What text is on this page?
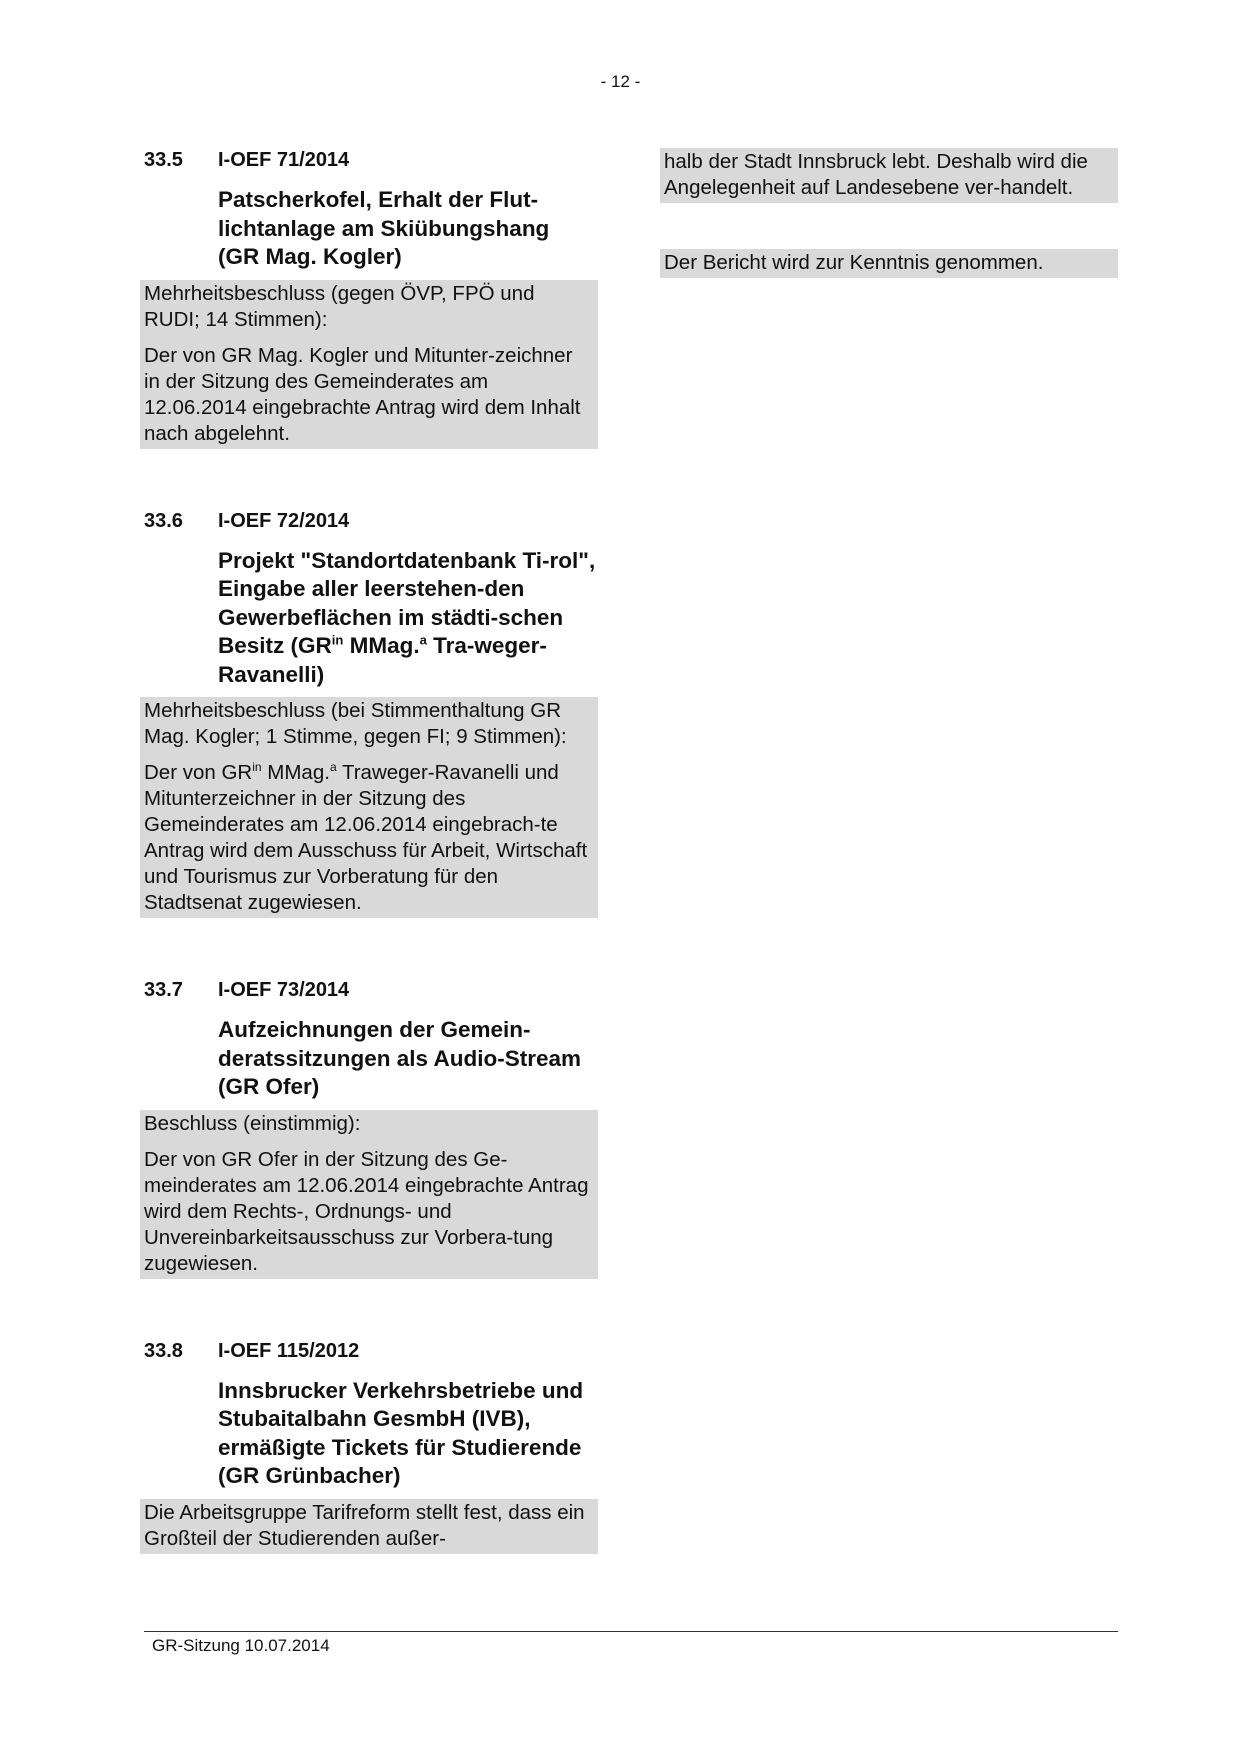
- 12 -
33.5	I-OEF 71/2014
Patscherkofel, Erhalt der Flut-
lichtanlage am Skiübungshang
(GR Mag. Kogler)

Mehrheitsbeschluss (gegen ÖVP, FPÖ und RUDI; 14 Stimmen):

Der von GR Mag. Kogler und Mitunter-zeichner in der Sitzung des Gemeinderates am 12.06.2014 eingebrachte Antrag wird dem Inhalt nach abgelehnt.

33.6	I-OEF 72/2014
Projekt "Standortdatenbank Ti-rol", Eingabe aller leerstehen-den Gewerbeflächen im städti-schen Besitz ($GR^{in}$ MMag.$^a$ Tra-weger-Ravanelli)

Mehrheitsbeschluss (bei Stimmenthaltung GR Mag. Kogler; 1 Stimme, gegen FI; 9 Stimmen):

Der von $GR^{in}$ MMag.$^a$ Traweger-Ravanelli und Mitunterzeichner in der Sitzung des Gemeinderates am 12.06.2014 eingebrach-te Antrag wird dem Ausschuss für Arbeit, Wirtschaft und Tourismus zur Vorberatung für den Stadtsenat zugewiesen.

33.7	I-OEF 73/2014
Aufzeichnungen der Gemein-deratssitzungen als Audio-Stream (GR Ofer)

Beschluss (einstimmig):

Der von GR Ofer in der Sitzung des Ge-meinderates am 12.06.2014 eingebrachte Antrag wird dem Rechts-, Ordnungs- und Unvereinbarkeitsausschuss zur Vorbera-tung zugewiesen.

33.8	I-OEF 115/2012
Innsbrucker Verkehrsbetriebe und Stubaitalbahn GesmbH (IVB), ermäßigte Tickets für Studierende
(GR Grünbacher)

Die Arbeitsgruppe Tarifreform stellt fest, dass ein Großteil der Studierenden außer-

halb der Stadt Innsbruck lebt. Deshalb wird die Angelegenheit auf Landesebene ver-handelt.
Der Bericht wird zur Kenntnis genommen.
GR-Sitzung 10.07.2014
